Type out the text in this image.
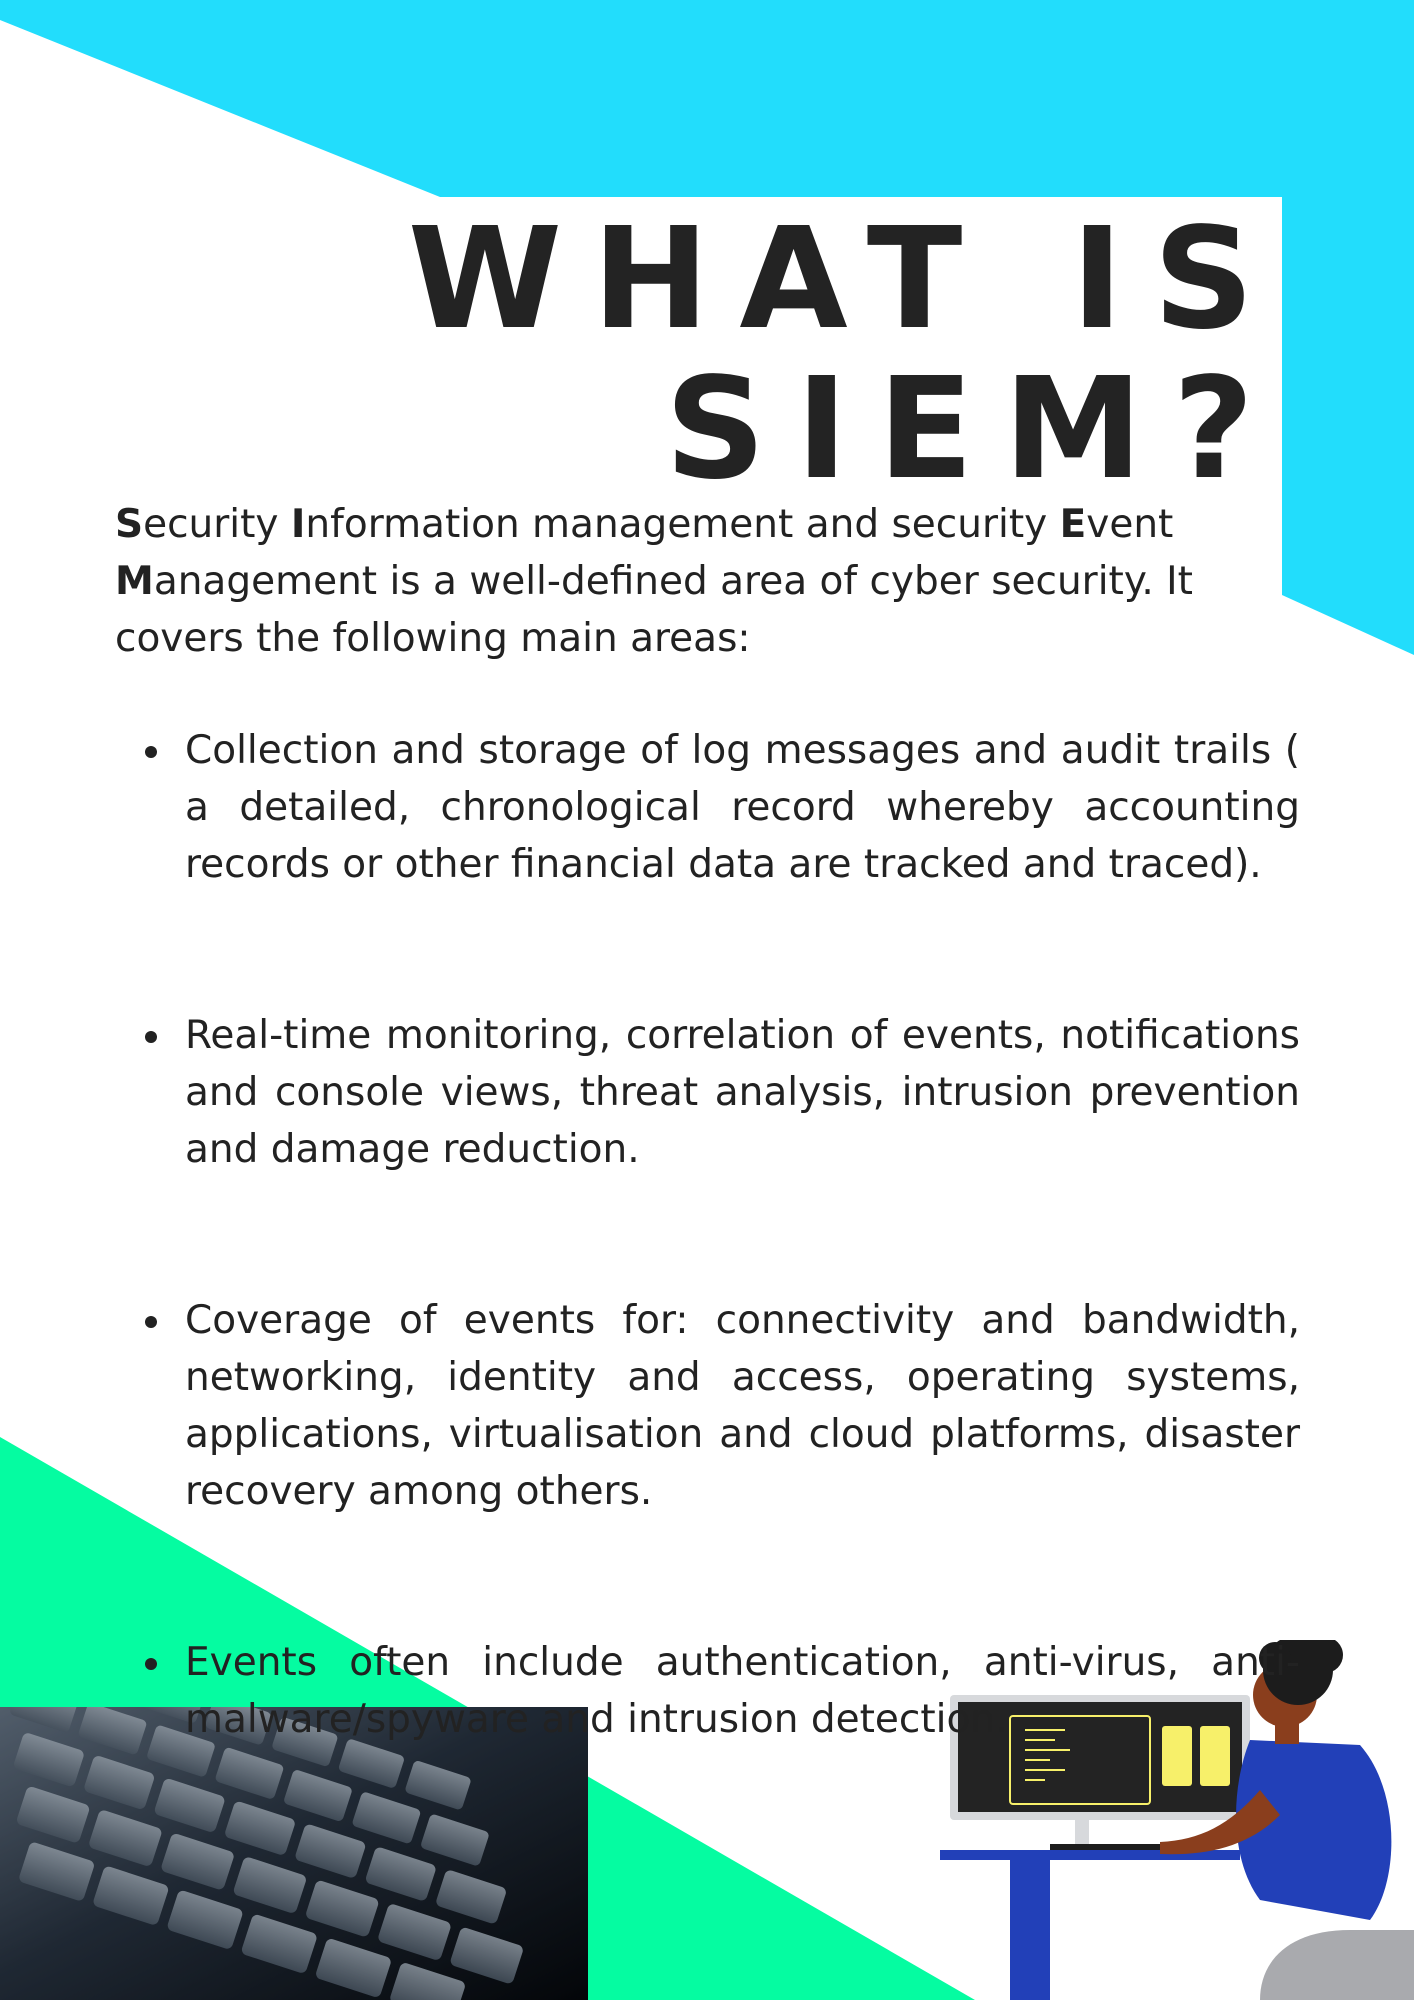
WHAT IS
SIEM?

Security Information management and security Event
Management is a well-defined area of cyber security. It covers the following main areas:

Collection and storage of log messages and audit trails ( a detailed, chronological record whereby accounting records or other financial data are tracked and traced).
Real-time monitoring, correlation of events, notifications and console views, threat analysis, intrusion prevention and damage reduction.
Coverage of events for: connectivity and bandwidth, networking, identity and access, operating systems, applications, virtualisation and cloud platforms, disaster recovery among others.
Events often include authentication, anti-virus, anti-malware/spyware and intrusion detection.
